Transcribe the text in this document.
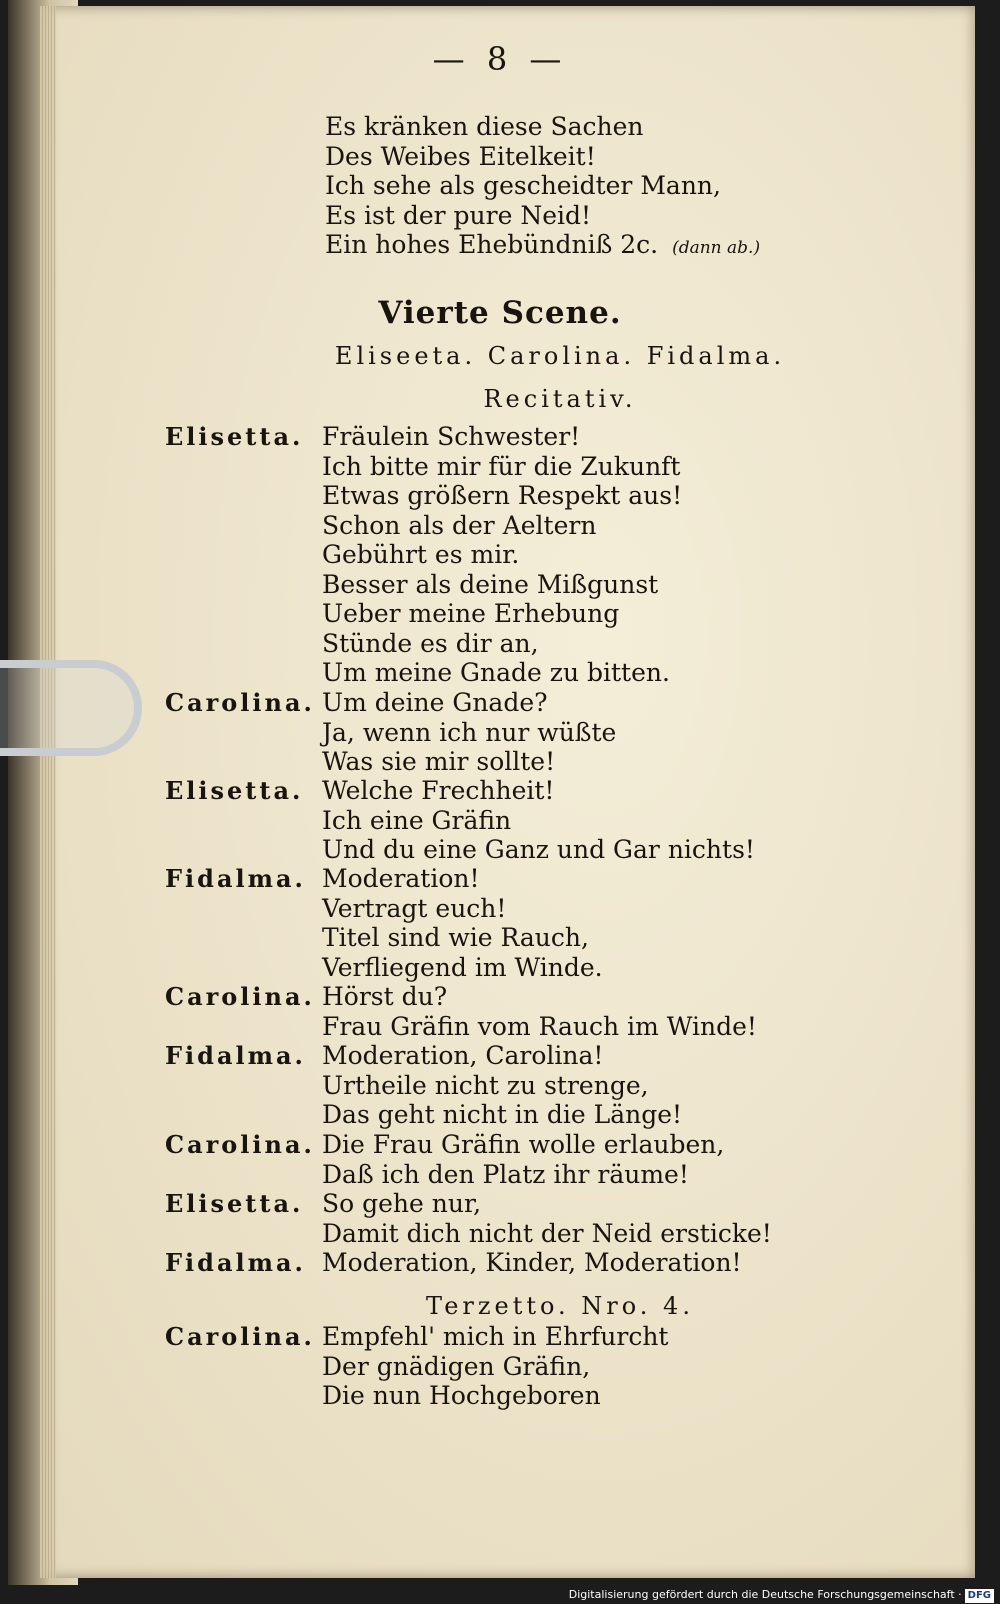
— 8 —
Es kränken diese Sachen
Des Weibes Eitelkeit!
Ich sehe als gescheidter Mann,
Es ist der pure Neid!
Ein hohes Ehebündniß 2c. (dann ab.)
Vierte Scene.
Eliseeta. Carolina. Fidalma.
Recitativ.
Elisetta. Fräulein Schwester!
Ich bitte mir für die Zukunft
Etwas größern Respekt aus!
Schon als der Aeltern
Gebührt es mir.
Besser als deine Mißgunst
Ueber meine Erhebung
Stünde es dir an,
Um meine Gnade zu bitten.
Carolina. Um deine Gnade?
Ja, wenn ich nur wüßte
Was sie mir sollte!
Elisetta. Welche Frechheit!
Ich eine Gräfin
Und du eine Ganz und Gar nichts!
Fidalma. Moderation!
Vertragt euch!
Titel sind wie Rauch,
Verfliegend im Winde.
Carolina. Hörst du?
Frau Gräfin vom Rauch im Winde!
Fidalma. Moderation, Carolina!
Urtheile nicht zu strenge,
Das geht nicht in die Länge!
Carolina. Die Frau Gräfin wolle erlauben,
Daß ich den Platz ihr räume!
Elisetta. So gehe nur,
Damit dich nicht der Neid ersticke!
Fidalma. Moderation, Kinder, Moderation!
Terzetto. Nro. 4.
Carolina. Empfehl' mich in Ehrfurcht
Der gnädigen Gräfin,
Die nun Hochgeboren
Digitalisierung gefördert durch die Deutsche Forschungsgemeinschaft · DFG
